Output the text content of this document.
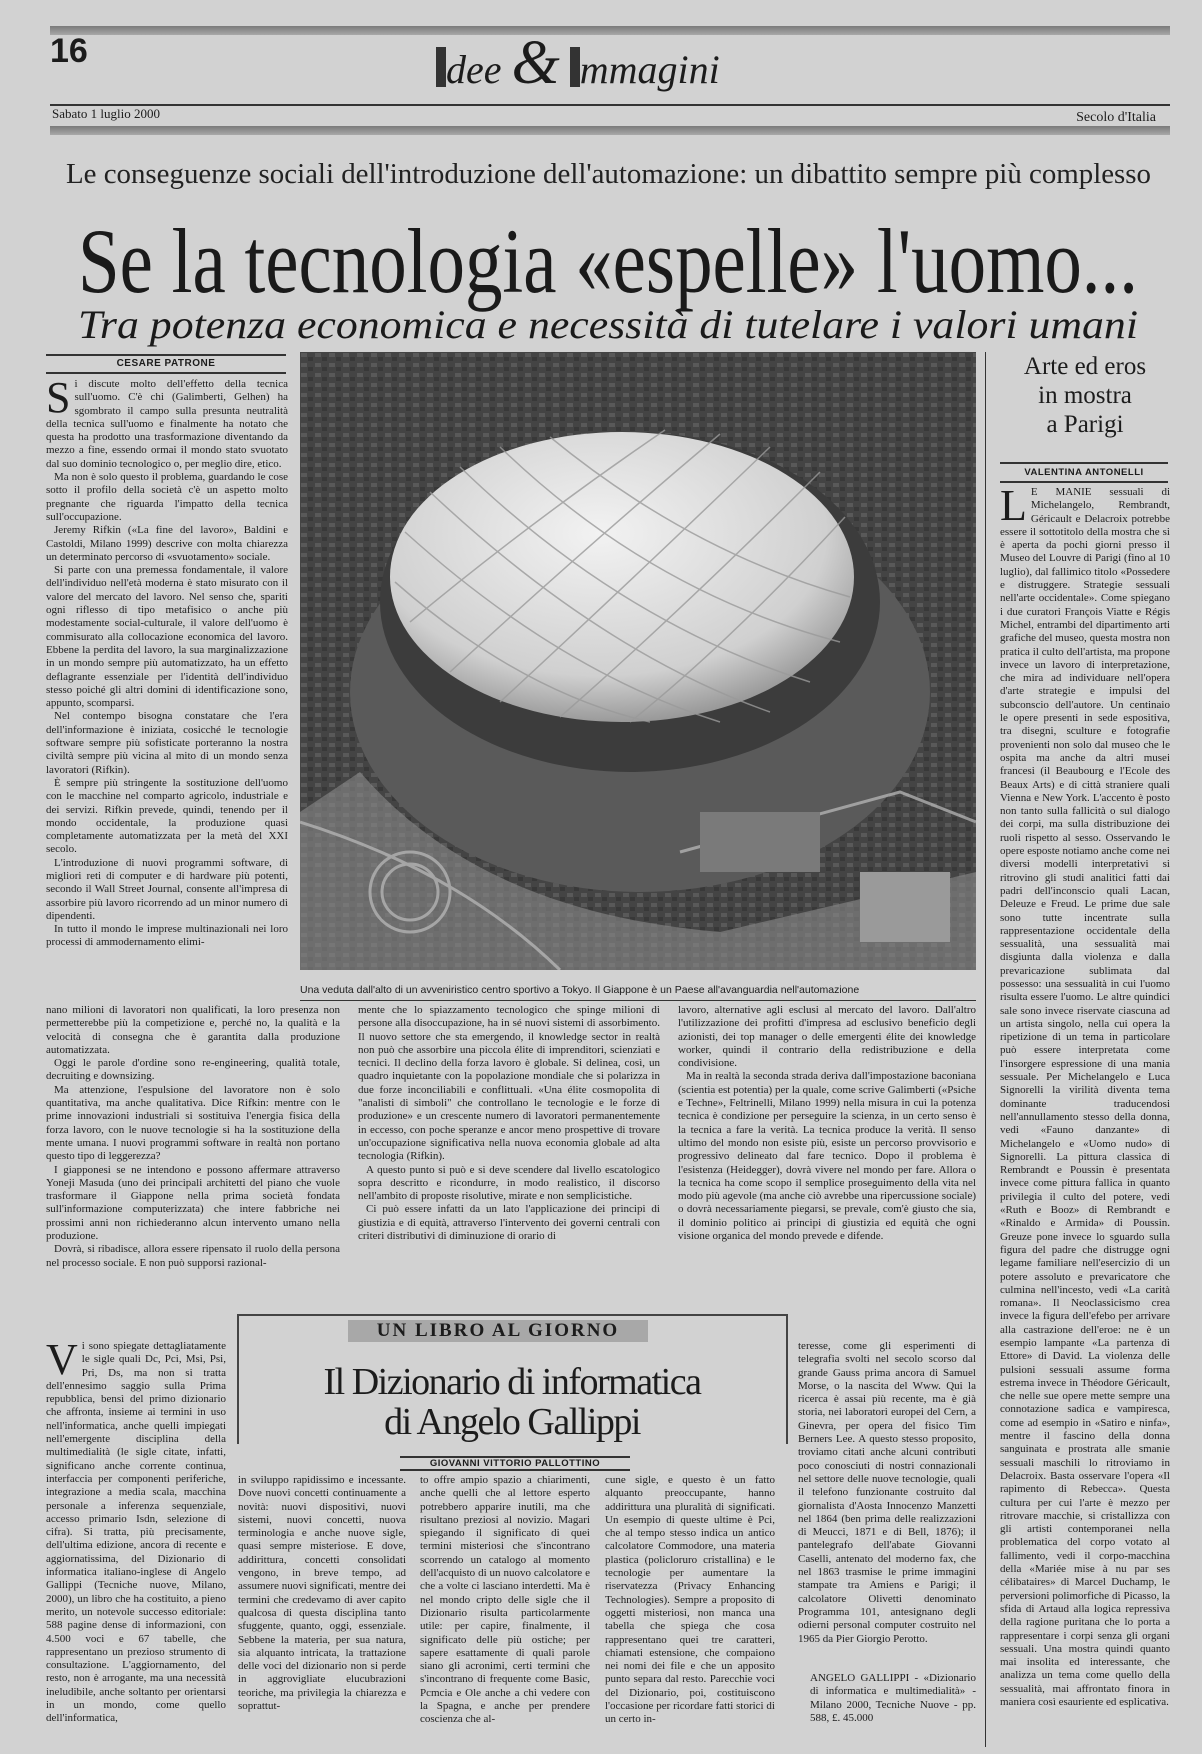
16	dee & mmagini
Sabato 1 luglio 2000	Secolo d'Italia
Le conseguenze sociali dell'introduzione dell'automazione: un dibattito sempre più complesso
Se la tecnologia «espelle» l'uomo...
Tra potenza economica e necessità di tutelare i valori umani
CESARE PATRONE

Si discute molto dell'effetto della tecnica sull'uomo. C'è chi (Galimberti, Gelhen) ha sgombrato il campo sulla presunta neutralità della tecnica sull'uomo e finalmente ha notato che questa ha prodotto una trasformazione diventando da mezzo a fine, essendo ormai il mondo stato svuotato dal suo dominio tecnologico o, per meglio dire, etico.

Ma non è solo questo il problema, guardando le cose sotto il profilo della società c'è un aspetto molto pregnante che riguarda l'impatto della tecnica sull'occupazione.

Jeremy Rifkin («La fine del lavoro», Baldini e Castoldi, Milano 1999) descrive con molta chiarezza un determinato percorso di «svuotamento» sociale.

Si parte con una premessa fondamentale, il valore dell'individuo nell'età moderna è stato misurato con il valore del mercato del lavoro. Nel senso che, spariti ogni riflesso di tipo metafisico o anche più modestamente social-culturale, il valore dell'uomo è commisurato alla collocazione economica del lavoro. Ebbene la perdita del lavoro, la sua marginalizzazione in un mondo sempre più automatizzato, ha un effetto deflagrante essenziale per l'identità dell'individuo stesso poiché gli altri domini di identificazione sono, appunto, scomparsi.

Nel contempo bisogna constatare che l'era dell'informazione è iniziata, cosicché le tecnologie software sempre più sofisticate porteranno la nostra civiltà sempre più vicina al mito di un mondo senza lavoratori (Rifkin).

È sempre più stringente la sostituzione dell'uomo con le macchine nel comparto agricolo, industriale e dei servizi. Rifkin prevede, quindi, tenendo per il mondo occidentale, la produzione quasi completamente automatizzata per la metà del XXI secolo.

L'introduzione di nuovi programmi software, di migliori reti di computer e di hardware più potenti, secondo il Wall Street Journal, consente all'impresa di assorbire più lavoro ricorrendo ad un minor numero di dipendenti.

In tutto il mondo le imprese multinazionali nei loro processi di ammodernamento elimi-

nano milioni di lavoratori non qualificati, la loro presenza non permetterebbe più la competizione e, perché no, la qualità e la velocità di consegna che è garantita dalla produzione automatizzata.

Oggi le parole d'ordine sono re-engineering, qualità totale, decruiting e downsizing.

Ma attenzione, l'espulsione del lavoratore non è solo quantitativa, ma anche qualitativa. Dice Rifkin: mentre con le prime innovazioni industriali si sostituiva l'energia fisica della forza lavoro, con le nuove tecnologie si ha la sostituzione della mente umana. I nuovi programmi software in realtà non portano questo tipo di leggerezza?

I giapponesi se ne intendono e possono affermare attraverso Yoneji Masuda (uno dei principali architetti del piano che vuole trasformare il Giappone nella prima società fondata sull'informazione computerizzata) che intere fabbriche nei prossimi anni non richiederanno alcun intervento umano nella produzione.

Dovrà, si ribadisce, allora essere ripensato il ruolo della persona nel processo sociale. E non può supporsi razional-

Una veduta dall'alto di un avveniristico centro sportivo a Tokyo. Il Giappone è un Paese all'avanguardia nell'automazione

mente che lo spiazzamento tecnologico che spinge milioni di persone alla disoccupazione, ha in sé nuovi sistemi di assorbimento. Il nuovo settore che sta emergendo, il knowledge sector in realtà non può che assorbire una piccola élite di imprenditori, scienziati e tecnici. Il declino della forza lavoro è globale. Si delinea, così, un quadro inquietante con la popolazione mondiale che si polarizza in due forze inconciliabili e conflittuali. «Una élite cosmopolita di "analisti di simboli" che controllano le tecnologie e le forze di produzione» e un crescente numero di lavoratori permanentemente in eccesso, con poche speranze e ancor meno prospettive di trovare un'occupazione significativa nella nuova economia globale ad alta tecnologia (Rifkin).

A questo punto si può e si deve scendere dal livello escatologico sopra descritto e ricondurre, in modo realistico, il discorso nell'ambito di proposte risolutive, mirate e non semplicistiche.

Ci può essere infatti da un lato l'applicazione dei principi di giustizia e di equità, attraverso l'intervento dei governi centrali con criteri distributivi di diminuzione di orario di

lavoro, alternative agli esclusi al mercato del lavoro. Dall'altro l'utilizzazione dei profitti d'impresa ad esclusivo beneficio degli azionisti, dei top manager o delle emergenti élite dei knowledge worker, quindi il contrario della redistribuzione e della condivisione.

Ma in realtà la seconda strada deriva dall'impostazione baconiana (scientia est potentia) per la quale, come scrive Galimberti («Psiche e Techne», Feltrinelli, Milano 1999) nella misura in cui la potenza tecnica è condizione per perseguire la scienza, in un certo senso è la tecnica a fare la verità. La tecnica produce la verità. Il senso ultimo del mondo non esiste più, esiste un percorso provvisorio e progressivo delineato dal fare tecnico. Dopo il problema è l'esistenza (Heidegger), dovrà vivere nel mondo per fare. Allora o la tecnica ha come scopo il semplice proseguimento della vita nel modo più agevole (ma anche ciò avrebbe una ripercussione sociale) o dovrà necessariamente piegarsi, se prevale, com'è giusto che sia, il dominio politico ai principi di giustizia ed equità che ogni visione organica del mondo prevede e difende.

Arte ed eros
in mostra
a Parigi
VALENTINA ANTONELLI

L E MANIE sessuali di Michelangelo, Rembrandt, Géricault e Delacroix potrebbe essere il sottotitolo della mostra che si è aperta da pochi giorni presso il Museo del Louvre di Parigi (fino al 10 luglio), dal fallimico titolo «Possedere e distruggere. Strategie sessuali nell'arte occidentale». Come spiegano i due curatori François Viatte e Régis Michel, entrambi del dipartimento arti grafiche del museo, questa mostra non pratica il culto dell'artista, ma propone invece un lavoro di interpretazione, che mira ad individuare nell'opera d'arte strategie e impulsi del subconscio dell'autore. Un centinaio le opere presenti in sede espositiva, tra disegni, sculture e fotografie provenienti non solo dal museo che le ospita ma anche da altri musei francesi (il Beaubourg e l'Ecole des Beaux Arts) e di città straniere quali Vienna e New York. L'accento è posto non tanto sulla fallicità o sul dialogo dei corpi, ma sulla distribuzione dei ruoli rispetto al sesso. Osservando le opere esposte notiamo anche come nei diversi modelli interpretativi si ritrovino gli studi analitici fatti dai padri dell'inconscio quali Lacan, Deleuze e Freud. Le prime due sale sono tutte incentrate sulla rappresentazione occidentale della sessualità, una sessualità mai disgiunta dalla violenza e dalla prevaricazione sublimata dal possesso: una sessualità in cui l'uomo risulta essere l'uomo. Le altre quindici sale sono invece riservate ciascuna ad un artista singolo, nella cui opera la ripetizione di un tema in particolare può essere interpretata come l'insorgere espressione di una mania sessuale. Per Michelangelo e Luca Signorelli la virilità diventa tema dominante traducendosi nell'annullamento stesso della donna, vedi «Fauno danzante» di Michelangelo e «Uomo nudo» di Signorelli. La pittura classica di Rembrandt e Poussin è presentata invece come pittura fallica in quanto privilegia il culto del potere, vedi «Ruth e Booz» di Rembrandt e «Rinaldo e Armida» di Poussin. Greuze pone invece lo sguardo sulla figura del padre che distrugge ogni legame familiare nell'esercizio di un potere assoluto e prevaricatore che culmina nell'incesto, vedi «La carità romana». Il Neoclassicismo crea invece la figura dell'efebo per arrivare alla castrazione dell'eroe: ne è un esempio lampante «La partenza di Ettore» di David. La violenza delle pulsioni sessuali assume forma estrema invece in Théodore Géricault, che nelle sue opere mette sempre una connotazione sadica e vampiresca, come ad esempio in «Satiro e ninfa», mentre il fascino della donna sanguinata e prostrata alle smanie sessuali maschili lo ritroviamo in Delacroix. Basta osservare l'opera «Il rapimento di Rebecca». Questa cultura per cui l'arte è mezzo per ritrovare macchie, si cristallizza con gli artisti contemporanei nella problematica del corpo votato al fallimento, vedi il corpo-macchina della «Mariée mise à nu par ses célibataires» di Marcel Duchamp, le perversioni polimorfiche di Picasso, la sfida di Artaud alla logica repressiva della ragione puritana che lo porta a rappresentare i corpi senza gli organi sessuali. Una mostra quindi quanto mai insolita ed interessante, che analizza un tema come quello della sessualità, mai affrontato finora in maniera così esauriente ed esplicativa.

UN LIBRO AL GIORNO
Il Dizionario di informatica
di Angelo Gallippi
GIOVANNI VITTORIO PALLOTTINO

Vi sono spiegate dettagliatamente le sigle quali Dc, Pci, Msi, Psi, Pri, Ds, ma non si tratta dell'ennesimo saggio sulla Prima repubblica, bensì del primo dizionario che affronta, insieme ai termini in uso nell'informatica, anche quelli impiegati nell'emergente disciplina della multimedialità (le sigle citate, infatti, significano anche corrente continua, interfaccia per componenti periferiche, integrazione a media scala, macchina personale a inferenza sequenziale, accesso primario Isdn, selezione di cifra). Si tratta, più precisamente, dell'ultima edizione, ancora di recente e aggiornatissima, del Dizionario di informatica italiano-inglese di Angelo Gallippi (Tecniche nuove, Milano, 2000), un libro che ha costituito, a pieno merito, un notevole successo editoriale: 588 pagine dense di informazioni, con 4.500 voci e 67 tabelle, che rappresentano un prezioso strumento di consultazione. L'aggiornamento, del resto, non è arrogante, ma una necessità ineludibile, anche soltanto per orientarsi in un mondo, come quello dell'informatica,

in sviluppo rapidissimo e incessante. Dove nuovi concetti continuamente a novità: nuovi dispositivi, nuovi sistemi, nuovi concetti, nuova terminologia e anche nuove sigle, quasi sempre misteriose. E dove, addirittura, concetti consolidati vengono, in breve tempo, ad assumere nuovi significati, mentre dei termini che credevamo di aver capito qualcosa di questa disciplina tanto sfuggente, quanto, oggi, essenziale. Sebbene la materia, per sua natura, sia alquanto intricata, la trattazione delle voci del dizionario non si perde in aggrovigliate elucubrazioni teoriche, ma privilegia la chiarezza e soprattut-

to offre ampio spazio a chiarimenti, anche quelli che al lettore esperto potrebbero apparire inutili, ma che risultano preziosi al novizio. Magari spiegando il significato di quei termini misteriosi che s'incontrano scorrendo un catalogo al momento dell'acquisto di un nuovo calcolatore e che a volte ci lasciano interdetti. Ma è nel mondo cripto delle sigle che il Dizionario risulta particolarmente utile: per capire, finalmente, il significato delle più ostiche; per sapere esattamente di quali parole siano gli acronimi, certi termini che s'incontrano di frequente come Basic, Pcmcia e Ole anche a chi vedere con la Spagna, e anche per prendere coscienza che al-

cune sigle, e questo è un fatto alquanto preoccupante, hanno addirittura una pluralità di significati. Un esempio di queste ultime è Pci, che al tempo stesso indica un antico calcolatore Commodore, una materia plastica (policloruro cristallina) e le tecnologie per aumentare la riservatezza (Privacy Enhancing Technologies). Sempre a proposito di oggetti misteriosi, non manca una tabella che spiega che cosa rappresentano quei tre caratteri, chiamati estensione, che compaiono nei nomi dei file e che un apposito punto separa dal resto. Parecchie voci del Dizionario, poi, costituiscono l'occasione per ricordare fatti storici di un certo in-

teresse, come gli esperimenti di telegrafia svolti nel secolo scorso dal grande Gauss prima ancora di Samuel Morse, o la nascita del Www. Qui la ricerca è assai più recente, ma è già storia, nei laboratori europei del Cern, a Ginevra, per opera del fisico Tim Berners Lee. A questo stesso proposito, troviamo citati anche alcuni contributi poco conosciuti di nostri connazionali nel settore delle nuove tecnologie, quali il telefono funzionante costruito dal giornalista d'Aosta Innocenzo Manzetti nel 1864 (ben prima delle realizzazioni di Meucci, 1871 e di Bell, 1876); il pantelegrafo dell'abate Giovanni Caselli, antenato del moderno fax, che nel 1863 trasmise le prime immagini stampate tra Amiens e Parigi; il calcolatore Olivetti denominato Programma 101, antesignano degli odierni personal computer costruito nel 1965 da Pier Giorgio Perotto.

ANGELO GALLIPPI - «Dizionario di informatica e multimedialità» - Milano 2000, Tecniche Nuove - pp. 588, £. 45.000
